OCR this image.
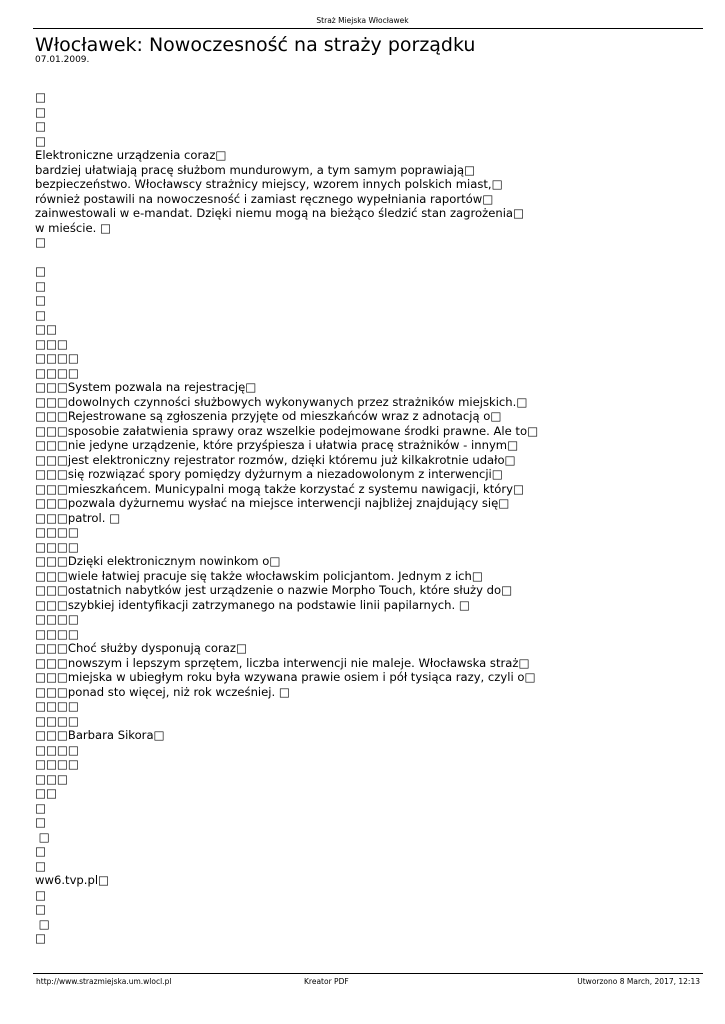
Straż Miejska Włocławek
Włocławek: Nowoczesność na straży porządku
07.01.2009.
□
□
□
□
Elektroniczne urządzenia coraz□
bardziej ułatwiają pracę służbom mundurowym, a tym samym poprawiają□
bezpieczeństwo. Włocławscy strażnicy miejscy, wzorem innych polskich miast,□
również postawili na nowoczesność i zamiast ręcznego wypełniania raportów□
zainwestowali w e-mandat. Dzięki niemu mogą na bieżąco śledzić stan zagrożenia□
w mieście. □
□
□
□
□
□
□□
□□□
□□□□
□□□□
□□□System pozwala na rejestrację□
□□□dowolnych czynności służbowych wykonywanych przez strażników miejskich.□
□□□Rejestrowane są zgłoszenia przyjęte od mieszkańców wraz z adnotacją o□
□□□sposobie załatwienia sprawy oraz wszelkie podejmowane środki prawne. Ale to□
□□□nie jedyne urządzenie, które przyśpiesza i ułatwia pracę strażników - innym□
□□□jest elektroniczny rejestrator rozmów, dzięki któremu już kilkakrotnie udało□
□□□się rozwiązać spory pomiędzy dyżurnym a niezadowolonym z interwencji□
□□□mieszkańcem. Municypalni mogą także korzystać z systemu nawigacji, który□
□□□pozwala dyżurnemu wysłać na miejsce interwencji najbliżej znajdujący się□
□□□patrol. □
□□□□
□□□□
□□□Dzięki elektronicznym nowinkom o□
□□□wiele łatwiej pracuje się także włocławskim policjantom. Jednym z ich□
□□□ostatnich nabytków jest urządzenie o nazwie Morpho Touch, które służy do□
□□□szybkiej identyfikacji zatrzymanego na podstawie linii papilarnych. □
□□□□
□□□□
□□□Choć służby dysponują coraz□
□□□nowszym i lepszym sprzętem, liczba interwencji nie maleje. Włocławska straż□
□□□miejska w ubiegłym roku była wzywana prawie osiem i pół tysiąca razy, czyli o□
□□□ponad sto więcej, niż rok wcześniej. □
□□□□
□□□□
□□□Barbara Sikora□
□□□□
□□□□
□□□
□□
□
□
□
□
□
ww6.tvp.pl□
□
□
□
□
http://www.strazmiejska.um.wlocl.pl	Kreator PDF	Utworzono 8 March, 2017, 12:13
